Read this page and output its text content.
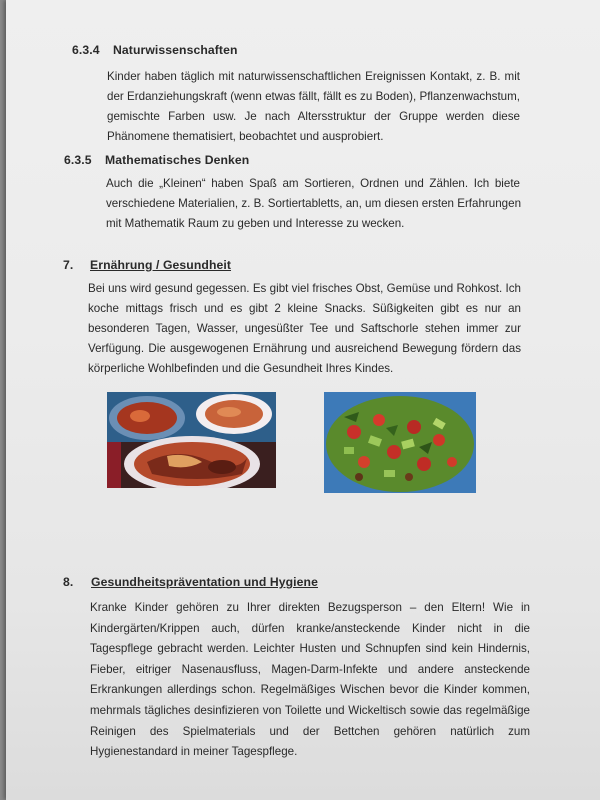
6.3.4 Naturwissenschaften
Kinder haben täglich mit naturwissenschaftlichen Ereignissen Kontakt, z. B. mit
der Erdanziehungskraft (wenn etwas fällt, fällt es zu Boden), Pflanzenwachstum,
gemischte Farben usw. Je nach Altersstruktur der Gruppe werden diese
Phänomene thematisiert, beobachtet und ausprobiert.
6.3.5 Mathematisches Denken
Auch die „Kleinen“ haben Spaß am Sortieren, Ordnen und Zählen. Ich biete
verschiedene Materialien, z. B. Sortiertabletts, an, um diesen ersten Erfahrungen
mit Mathematik Raum zu geben und Interesse zu wecken.
7. Ernährung / Gesundheit
Bei uns wird gesund gegessen. Es gibt viel frisches Obst, Gemüse und Rohkost. Ich
koche mittags frisch und es gibt 2 kleine Snacks. Süßigkeiten gibt es nur an
besonderen Tagen, Wasser, ungesüßter Tee und Saftschorle stehen immer zur
Verfügung. Die ausgewogenen Ernährung und ausreichend Bewegung fördern das
körperliche Wohlbefinden und die Gesundheit Ihres Kindes.
8. Gesundheitspräventation und Hygiene
Kranke Kinder gehören zu Ihrer direkten Bezugsperson – den Eltern! Wie in
Kindergärten/Krippen auch, dürfen kranke/ansteckende Kinder nicht in die
Tagespflege gebracht werden. Leichter Husten und Schnupfen sind kein Hindernis,
Fieber, eitriger Nasenausfluss, Magen-Darm-Infekte und andere ansteckende
Erkrankungen allerdings schon. Regelmäßiges Wischen bevor die Kinder kommen,
mehrmals tägliches desinfizieren von Toilette und Wickeltisch sowie das regelmäßige
Reinigen des Spielmaterials und der Bettchen gehören natürlich zum
Hygienestandard in meiner Tagespflege.
